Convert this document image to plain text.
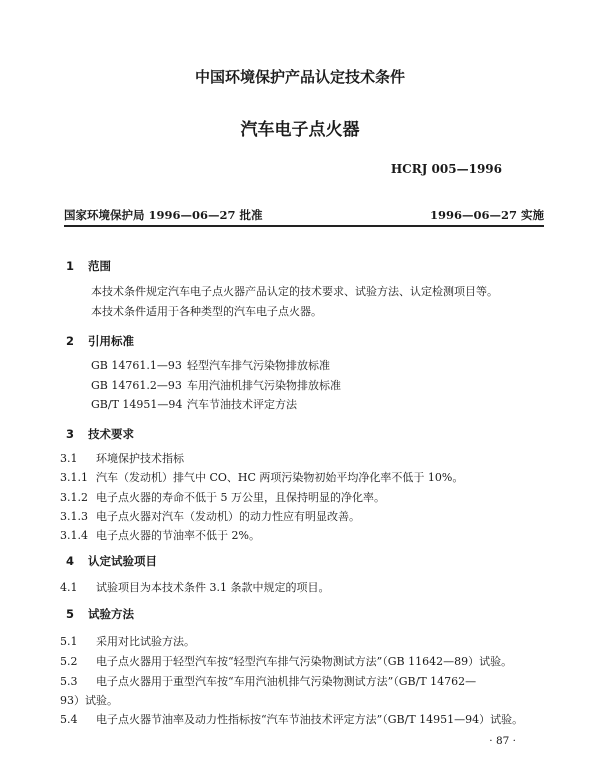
中国环境保护产品认定技术条件
汽车电子点火器
HCRJ 005—1996
国家环境保护局 1996—06—27 批准	1996—06—27 实施
1 范围
本技术条件规定汽车电子点火器产品认定的技术要求、试验方法、认定检测项目等。
本技术条件适用于各种类型的汽车电子点火器。
2 引用标准
GB 14761.1—93 轻型汽车排气污染物排放标准
GB 14761.2—93 车用汽油机排气污染物排放标准
GB/T 14951—94 汽车节油技术评定方法
3 技术要求
3.1 环境保护技术指标
3.1.1 汽车（发动机）排气中 CO、HC 两项污染物初始平均净化率不低于 10%。
3.1.2 电子点火器的寿命不低于 5 万公里，且保持明显的净化率。
3.1.3 电子点火器对汽车（发动机）的动力性应有明显改善。
3.1.4 电子点火器的节油率不低于 2%。
4 认定试验项目
4.1 试验项目为本技术条件 3.1 条款中规定的项目。
5 试验方法
5.1 采用对比试验方法。
5.2 电子点火器用于轻型汽车按“轻型汽车排气污染物测试方法”（GB 11642—89）试验。
5.3 电子点火器用于重型汽车按“车用汽油机排气污染物测试方法”（GB/T 14762—
93）试验。
5.4 电子点火器节油率及动力性指标按“汽车节油技术评定方法”（GB/T 14951—94）试验。
· 87 ·
